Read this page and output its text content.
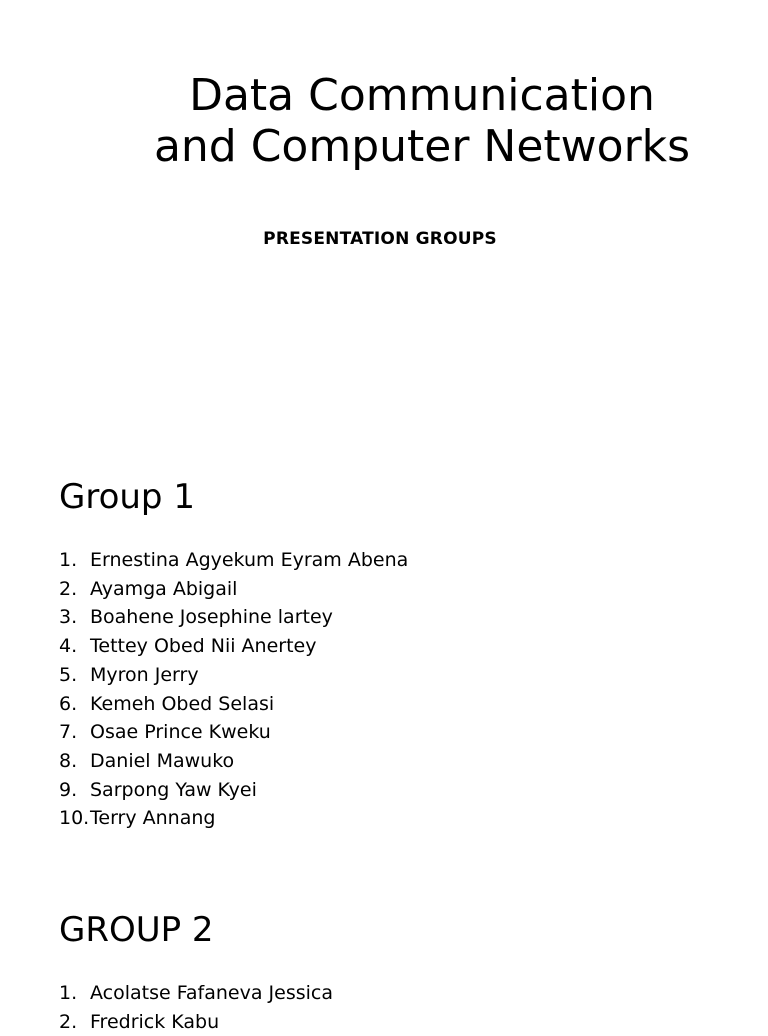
Data Communication
and Computer Networks
PRESENTATION GROUPS
Group 1
1. Ernestina Agyekum Eyram Abena
2. Ayamga Abigail
3. Boahene Josephine lartey
4. Tettey Obed Nii Anertey
5. Myron Jerry
6. Kemeh Obed Selasi
7. Osae Prince Kweku
8. Daniel Mawuko
9. Sarpong Yaw Kyei
10. Terry Annang
GROUP 2
1. Acolatse Fafaneva Jessica
2. Fredrick Kabu
